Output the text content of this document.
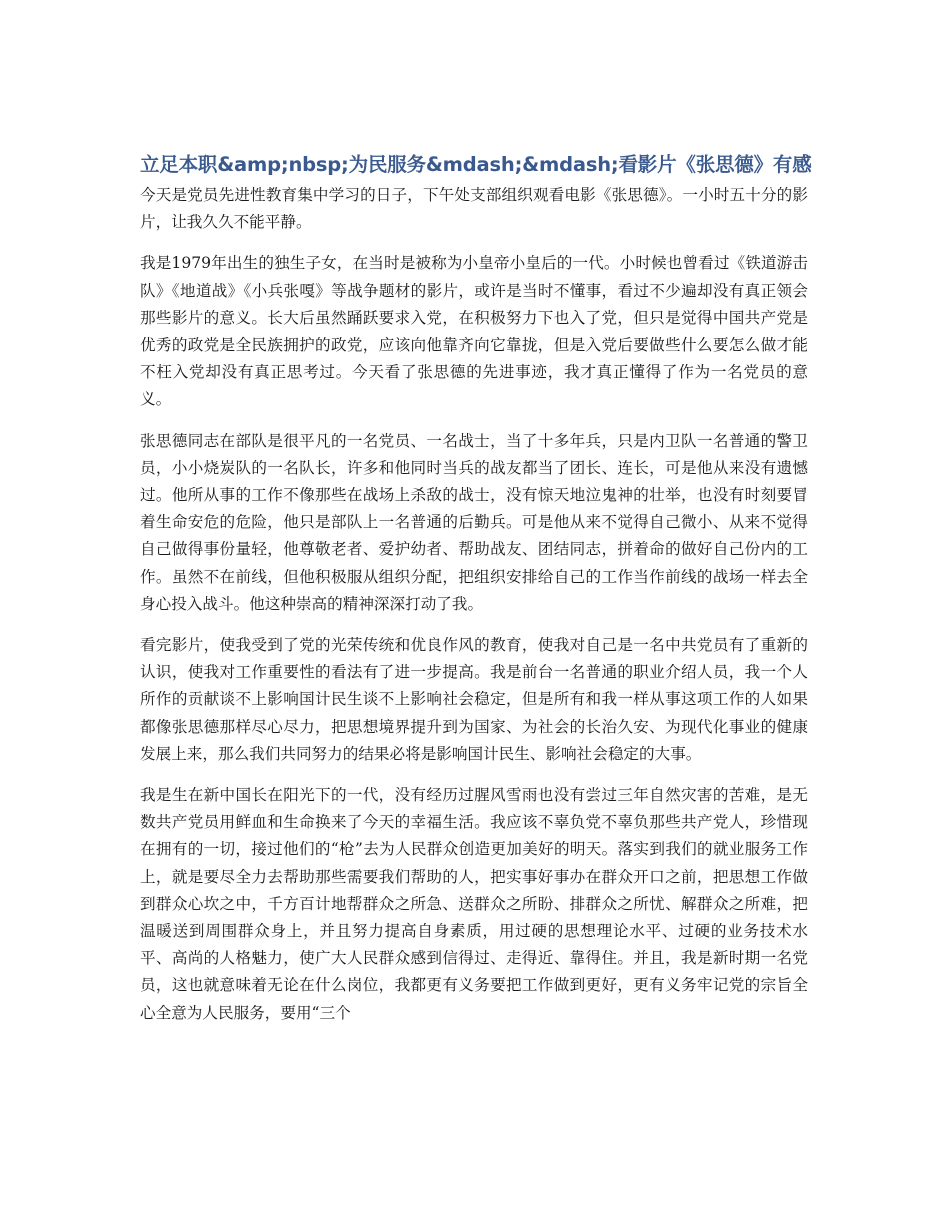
立足本职&amp;nbsp;为民服务&mdash;&mdash;看影片《张思德》有感

今天是党员先进性教育集中学习的日子，下午处支部组织观看电影《张思德》。一小时五十分的影片，让我久久不能平静。

我是1979年出生的独生子女，在当时是被称为小皇帝小皇后的一代。小时候也曾看过《铁道游击队》《地道战》《小兵张嘎》等战争题材的影片，或许是当时不懂事，看过不少遍却没有真正领会那些影片的意义。长大后虽然踊跃要求入党，在积极努力下也入了党，但只是觉得中国共产党是优秀的政党是全民族拥护的政党，应该向他靠齐向它靠拢，但是入党后要做些什么要怎么做才能不枉入党却没有真正思考过。今天看了张思德的先进事迹，我才真正懂得了作为一名党员的意义。

张思德同志在部队是很平凡的一名党员、一名战士，当了十多年兵，只是内卫队一名普通的警卫员，小小烧炭队的一名队长，许多和他同时当兵的战友都当了团长、连长，可是他从来没有遗憾过。他所从事的工作不像那些在战场上杀敌的战士，没有惊天地泣鬼神的壮举，也没有时刻要冒着生命安危的危险，他只是部队上一名普通的后勤兵。可是他从来不觉得自己微小、从来不觉得自己做得事份量轻，他尊敬老者、爱护幼者、帮助战友、团结同志，拼着命的做好自己份内的工作。虽然不在前线，但他积极服从组织分配，把组织安排给自己的工作当作前线的战场一样去全身心投入战斗。他这种崇高的精神深深打动了我。

看完影片，使我受到了党的光荣传统和优良作风的教育，使我对自己是一名中共党员有了重新的认识，使我对工作重要性的看法有了进一步提高。我是前台一名普通的职业介绍人员，我一个人所作的贡献谈不上影响国计民生谈不上影响社会稳定，但是所有和我一样从事这项工作的人如果都像张思德那样尽心尽力，把思想境界提升到为国家、为社会的长治久安、为现代化事业的健康发展上来，那么我们共同努力的结果必将是影响国计民生、影响社会稳定的大事。

我是生在新中国长在阳光下的一代，没有经历过腥风雪雨也没有尝过三年自然灾害的苦难，是无数共产党员用鲜血和生命换来了今天的幸福生活。我应该不辜负党不辜负那些共产党人，珍惜现在拥有的一切，接过他们的“枪”去为人民群众创造更加美好的明天。落实到我们的就业服务工作上，就是要尽全力去帮助那些需要我们帮助的人，把实事好事办在群众开口之前，把思想工作做到群众心坎之中，千方百计地帮群众之所急、送群众之所盼、排群众之所忧、解群众之所难，把温暖送到周围群众身上，并且努力提高自身素质，用过硬的思想理论水平、过硬的业务技术水平、高尚的人格魅力，使广大人民群众感到信得过、走得近、靠得住。并且，我是新时期一名党员，这也就意味着无论在什么岗位，我都更有义务要把工作做到更好，更有义务牢记党的宗旨全心全意为人民服务，要用“三个
